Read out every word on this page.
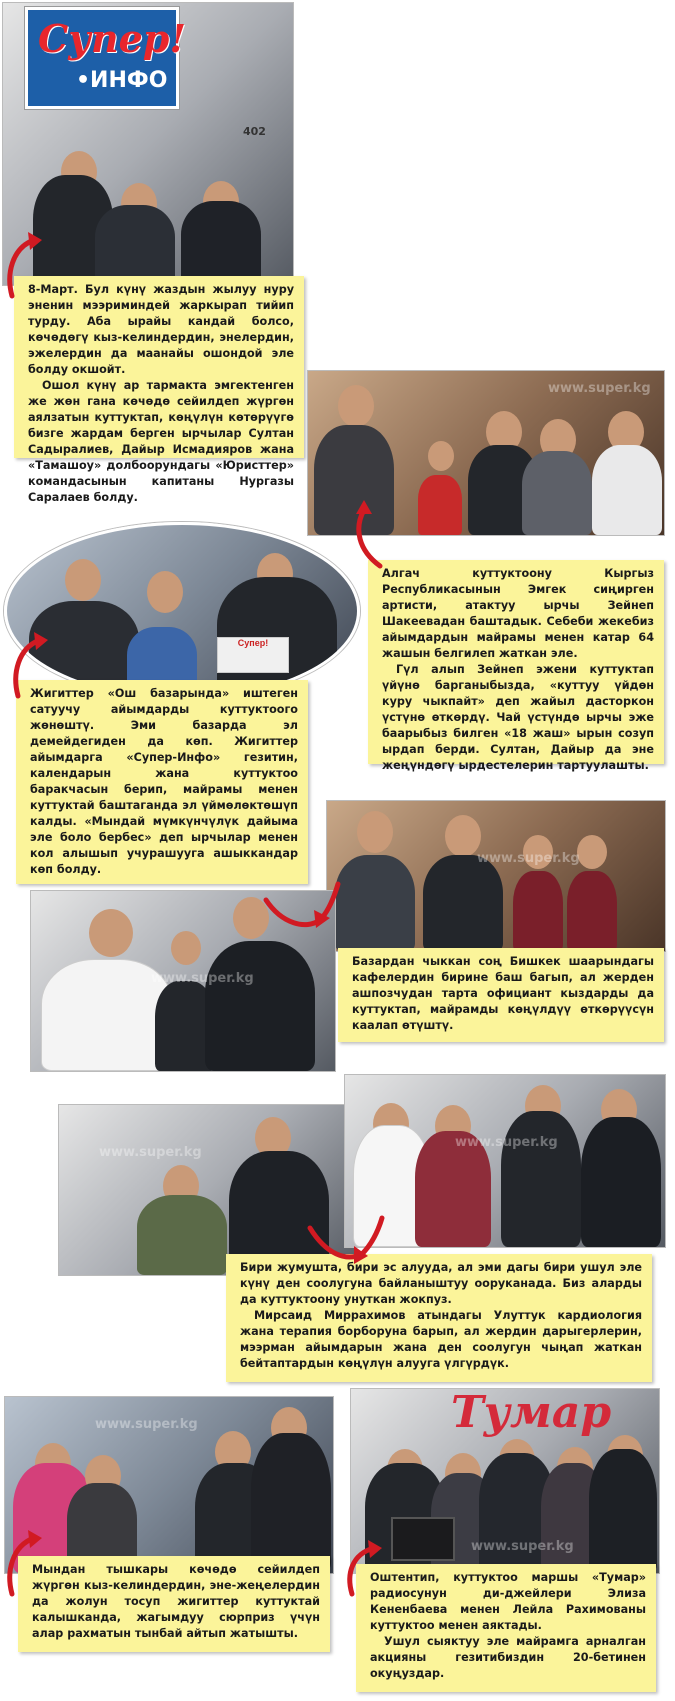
Супер!
•ИНФО
402

8-Март. Бул күнү жаздын жылуу нуру эненин мээриминдей жаркырап тийип турду. Аба ырайы кандай болсо, көчөдөгү кыз-келиндердин, энелердин, эжелердин да маанайы ошондой эле болду окшойт.

Ошол күнү ар тармакта эмгектенген же жөн гана көчөдө сейилдеп жүргөн аялзатын куттуктап, көңүлүн көтөрүүгө бизге жардам берген ырчылар Султан Садыралиев, Дайыр Исмадияров жана «Тамашоу» долбоорундагы «Юристтер» командасынын капитаны Нургазы Саралаев болду.

www.super.kg

Алгач куттуктоону Кыргыз Республикасынын Эмгек сиңирген артисти, атактуу ырчы Зейнеп Шакеевадан баштадык. Себеби жекебиз айымдардын майрамы менен катар 64 жашын белгилеп жаткан эле.

Гүл алып Зейнеп эжени куттуктап үйүнө барганыбызда, «куттуу үйдөн куру чыкпайт» деп жайыл дасторкон үстүнө өткөрдү. Чай үстүндө ырчы эже баарыбыз билген «18 жаш» ырын созуп ырдап берди. Султан, Дайыр да эне жеңүндөгү ырдестелерин тартуулашты.

Супер!

Жигиттер «Ош базарында» иштеген сатуучу айымдарды куттуктоого жөнөштү. Эми базарда эл демейдегиден да көп. Жигиттер айымдарга «Супер-Инфо» гезитин, календарын жана куттуктоо баракчасын берип, майрамы менен куттуктай баштаганда эл үймөлөктөшүп калды. «Мындай мүмкүнчүлүк дайыма эле боло бербес» деп ырчылар менен кол алышып учурашууга ашыккандар көп болду.

www.super.kg
www.super.kg

Базардан чыккан соң Бишкек шаарындагы кафелердин бирине баш багып, ал жерден ашпозчудан тарта официант кыздарды да куттуктап, майрамды көңүлдүү өткөрүүсүн каалап өтүштү.

www.super.kg
www.super.kg

Бири жумушта, бири эс алууда, ал эми дагы бири ушул эле күнү ден соолугуна байланыштуу ооруканада. Биз аларды да куттуктоону унуткан жокпуз.

Мирсаид Миррахимов атындагы Улуттук кардиология жана терапия борборуна барып, ал жердин дарыгерлерин, мээрман айымдарын жана ден соолугун чыңап жаткан бейтаптардын көңүлүн алууга үлгүрдүк.

www.super.kg

Мындан тышкары көчөдө сейилдеп жүргөн кыз-келиндердин, эне-жеңелердин да жолун тосуп жигиттер куттуктай калышканда, жагымдуу сюрприз үчүн алар рахматын тынбай айтып жатышты.

Тумар
www.super.kg

Оштентип, куттуктоо маршы «Тумар» радиосунун ди-джейлери Элиза Кененбаева менен Лейла Рахимованы куттуктоо менен аяктады.

Ушул сыяктуу эле майрамга арналган акцияны гезитибиздин 20-бетинен окуңуздар.
